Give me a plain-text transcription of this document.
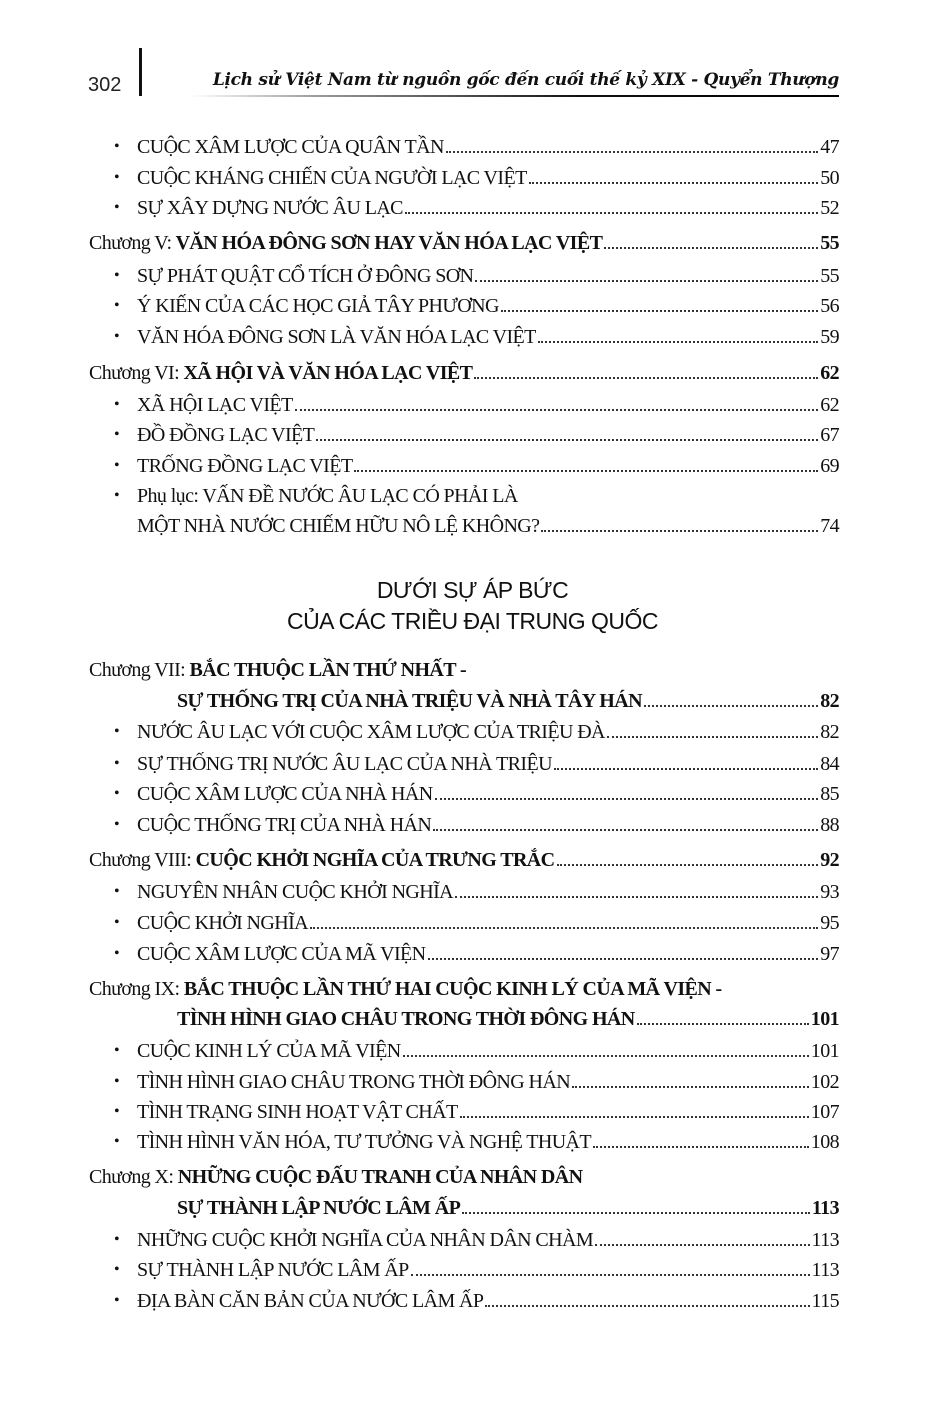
302	Lịch sử Việt Nam từ nguồn gốc đến cuối thế kỷ XIX - Quyển Thượng
DƯỚI SỰ ÁP BỨC
CỦA CÁC TRIỀU ĐẠI TRUNG QUỐC
• CUỘC XÂM LƯỢC CỦA QUÂN TẦN	47
• CUỘC KHÁNG CHIẾN CỦA NGƯỜI LẠC VIỆT	50
• SỰ XÂY DỰNG NƯỚC ÂU LẠC	52
Chương V: VĂN HÓA ĐÔNG SƠN HAY VĂN HÓA LẠC VIỆT	55
• SỰ PHÁT QUẬT CỔ TÍCH Ở ĐÔNG SƠN	55
• Ý KIẾN CỦA CÁC HỌC GIẢ TÂY PHƯƠNG	56
• VĂN HÓA ĐÔNG SƠN LÀ VĂN HÓA LẠC VIỆT	59
Chương VI: XÃ HỘI VÀ VĂN HÓA LẠC VIỆT	62
• XÃ HỘI LẠC VIỆT	62
• ĐỒ ĐỒNG LẠC VIỆT	67
• TRỐNG ĐỒNG LẠC VIỆT	69
• Phụ lục: VẤN ĐỀ NƯỚC ÂU LẠC CÓ PHẢI LÀ
MỘT NHÀ NƯỚC CHIẾM HỮU NÔ LỆ KHÔNG?	74
Chương VII: BẮC THUỘC LẦN THỨ NHẤT -
SỰ THỐNG TRỊ CỦA NHÀ TRIỆU VÀ NHÀ TÂY HÁN	82
• NƯỚC ÂU LẠC VỚI CUỘC XÂM LƯỢC CỦA TRIỆU ĐÀ	82
• SỰ THỐNG TRỊ NƯỚC ÂU LẠC CỦA NHÀ TRIỆU	84
• CUỘC XÂM LƯỢC CỦA NHÀ HÁN	85
• CUỘC THỐNG TRỊ CỦA NHÀ HÁN	88
Chương VIII: CUỘC KHỞI NGHĨA CỦA TRƯNG TRẮC	92
• NGUYÊN NHÂN CUỘC KHỞI NGHĨA	93
• CUỘC KHỞI NGHĨA	95
• CUỘC XÂM LƯỢC CỦA MÃ VIỆN	97
Chương IX: BẮC THUỘC LẦN THỨ HAI CUỘC KINH LÝ CỦA MÃ VIỆN -
TÌNH HÌNH GIAO CHÂU TRONG THỜI ĐÔNG HÁN	101
• CUỘC KINH LÝ CỦA MÃ VIỆN	101
• TÌNH HÌNH GIAO CHÂU TRONG THỜI ĐÔNG HÁN	102
• TÌNH TRẠNG SINH HOẠT VẬT CHẤT	107
• TÌNH HÌNH VĂN HÓA, TƯ TƯỞNG VÀ NGHỆ THUẬT	108
Chương X: NHỮNG CUỘC ĐẤU TRANH CỦA NHÂN DÂN
SỰ THÀNH LẬP NƯỚC LÂM ẤP	113
• NHỮNG CUỘC KHỞI NGHĨA CỦA NHÂN DÂN CHÀM	113
• SỰ THÀNH LẬP NƯỚC LÂM ẤP	113
• ĐỊA BÀN CĂN BẢN CỦA NƯỚC LÂM ẤP	115
